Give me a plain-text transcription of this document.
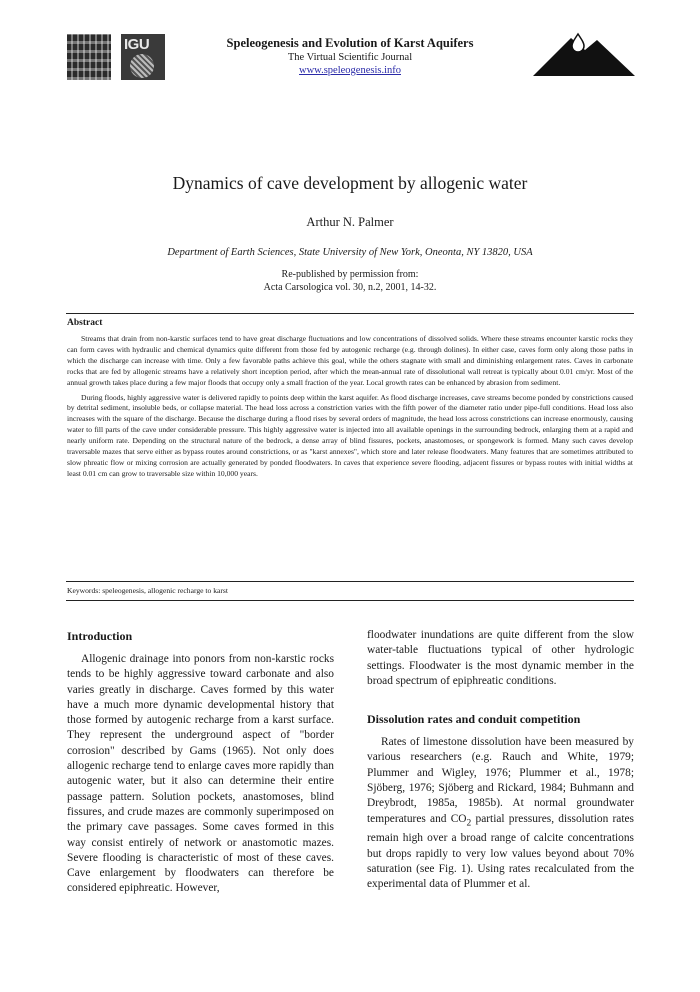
IGU	Speleogenesis and Evolution of Karst Aquifers
The Virtual Scientific Journal
www.speleogenesis.info
Dynamics of cave development by allogenic water
Arthur N. Palmer
Department of Earth Sciences, State University of New York, Oneonta, NY 13820, USA
Re-published by permission from:
Acta Carsologica vol. 30, n.2, 2001, 14-32.
Abstract

Streams that drain from non-karstic surfaces tend to have great discharge fluctuations and low concentrations of dissolved solids. Where these streams encounter karstic rocks they can form caves with hydraulic and chemical dynamics quite different from those fed by autogenic recharge (e.g. through dolines). In either case, caves form only along those paths in which the discharge can increase with time. Only a few favorable paths achieve this goal, while the others stagnate with small and diminishing enlargement rates. Caves in carbonate rocks that are fed by allogenic streams have a relatively short inception period, after which the mean-annual rate of dissolutional wall retreat is typically about 0.01 cm/yr. Most of the annual growth takes place during a few major floods that occupy only a small fraction of the year. Local growth rates can be enhanced by abrasion from sediment.

During floods, highly aggressive water is delivered rapidly to points deep within the karst aquifer. As flood discharge increases, cave streams become ponded by constrictions caused by detrital sediment, insoluble beds, or collapse material. The head loss across a constriction varies with the fifth power of the diameter ratio under pipe-full conditions. Head loss also increases with the square of the discharge. Because the discharge during a flood rises by several orders of magnitude, the head loss across constrictions can increase enormously, causing water to fill parts of the cave under considerable pressure. This highly aggressive water is injected into all available openings in the surrounding bedrock, enlarging them at a rapid and nearly uniform rate. Depending on the structural nature of the bedrock, a dense array of blind fissures, pockets, anastomoses, or spongework is formed. Many such caves develop traversable mazes that serve either as bypass routes around constrictions, or as "karst annexes", which store and later release floodwaters. Many features that are sometimes attributed to slow phreatic flow or mixing corrosion are actually generated by ponded floodwaters. In caves that experience severe flooding, adjacent fissures or bypass routes with initial widths at least 0.01 cm can grow to traversable size within 10,000 years.

Keywords: speleogenesis, allogenic recharge to karst
Introduction

Allogenic drainage into ponors from non-karstic rocks tends to be highly aggressive toward carbonate and also varies greatly in discharge. Caves formed by this water have a much more dynamic developmental history that those formed by autogenic recharge from a karst surface. They represent the underground aspect of "border corrosion" described by Gams (1965). Not only does allogenic recharge tend to enlarge caves more rapidly than autogenic water, but it also can determine their entire passage pattern. Solution pockets, anastomoses, blind fissures, and crude mazes are commonly superimposed on the primary cave passages. Some caves formed in this way consist entirely of network or anastomotic mazes. Severe flooding is characteristic of most of these caves. Cave enlargement by floodwaters can therefore be considered epiphreatic. However,

floodwater inundations are quite different from the slow water-table fluctuations typical of other hydrologic settings. Floodwater is the most dynamic member in the broad spectrum of epiphreatic conditions.

Dissolution rates and conduit competition

Rates of limestone dissolution have been measured by various researchers (e.g. Rauch and White, 1979; Plummer and Wigley, 1976; Plummer et al., 1978; Sjöberg, 1976; Sjöberg and Rickard, 1984; Buhmann and Dreybrodt, 1985a, 1985b). At normal groundwater temperatures and $CO_2$ partial pressures, dissolution rates remain high over a broad range of calcite concentrations but drops rapidly to very low values beyond about 70% saturation (see Fig. 1). Using rates recalculated from the experimental data of Plummer et al.
